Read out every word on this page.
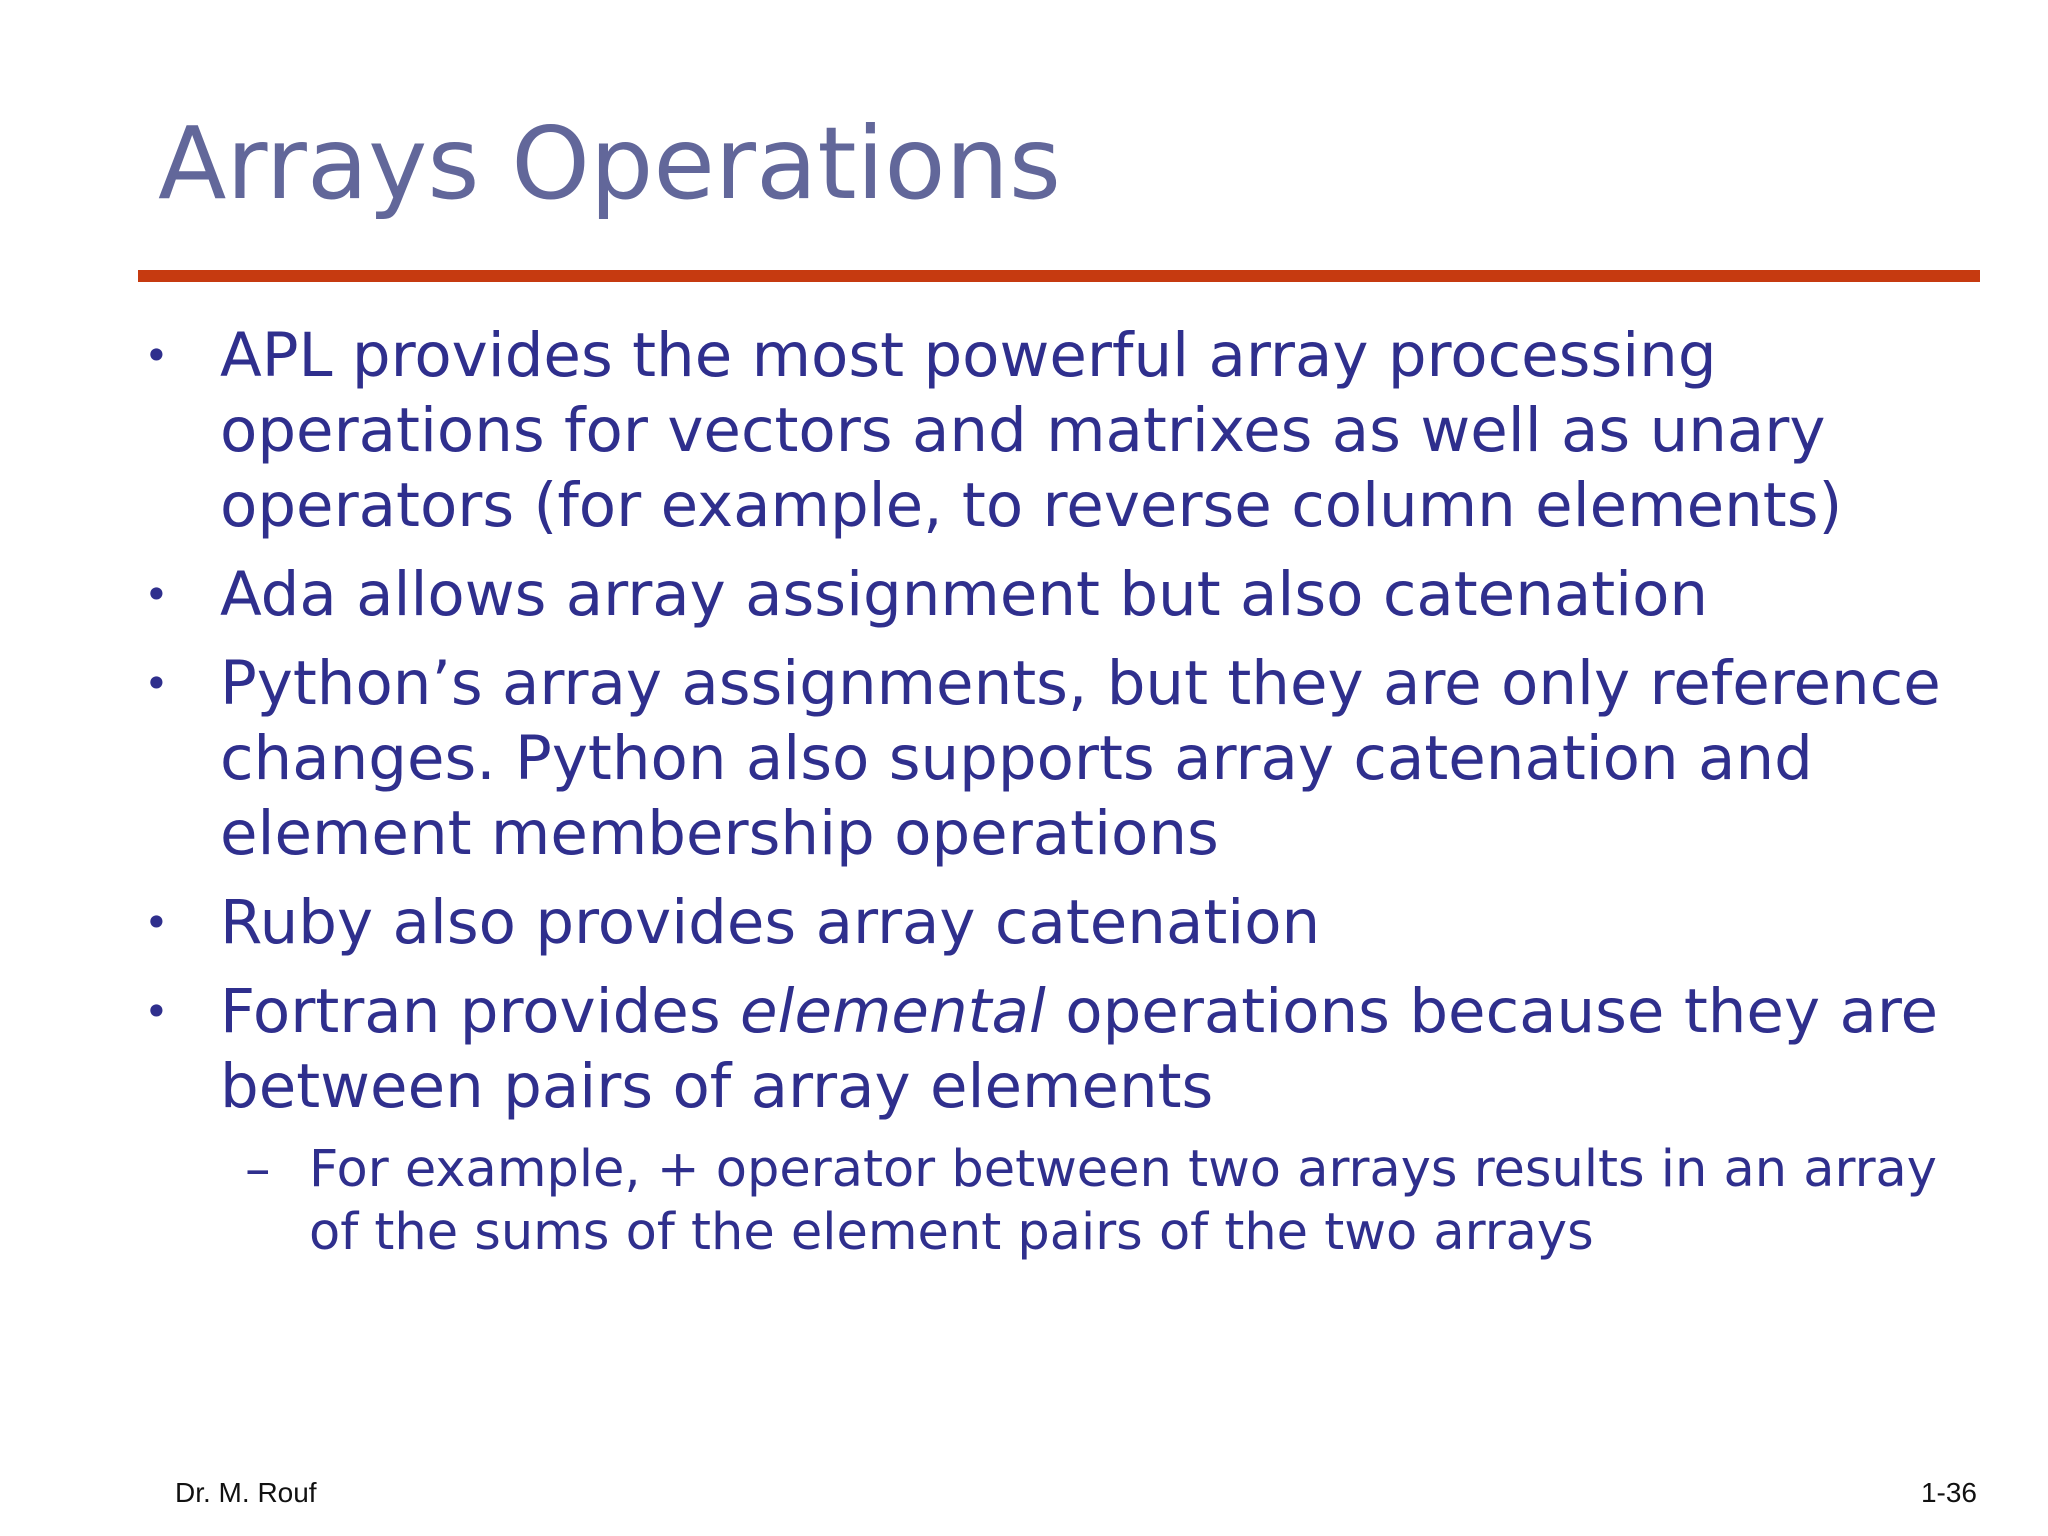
Arrays Operations
• APL provides the most powerful array processing operations for vectors and matrixes as well as unary operators (for example, to reverse column elements)
• Ada allows array assignment but also catenation
• Python’s array assignments, but they are only reference changes. Python also supports array catenation and element membership operations
• Ruby also provides array catenation
• Fortran provides elemental operations because they are between pairs of array elements
– For example, + operator between two arrays results in an array of the sums of the element pairs of the two arrays
Dr. M. Rouf	1-36
